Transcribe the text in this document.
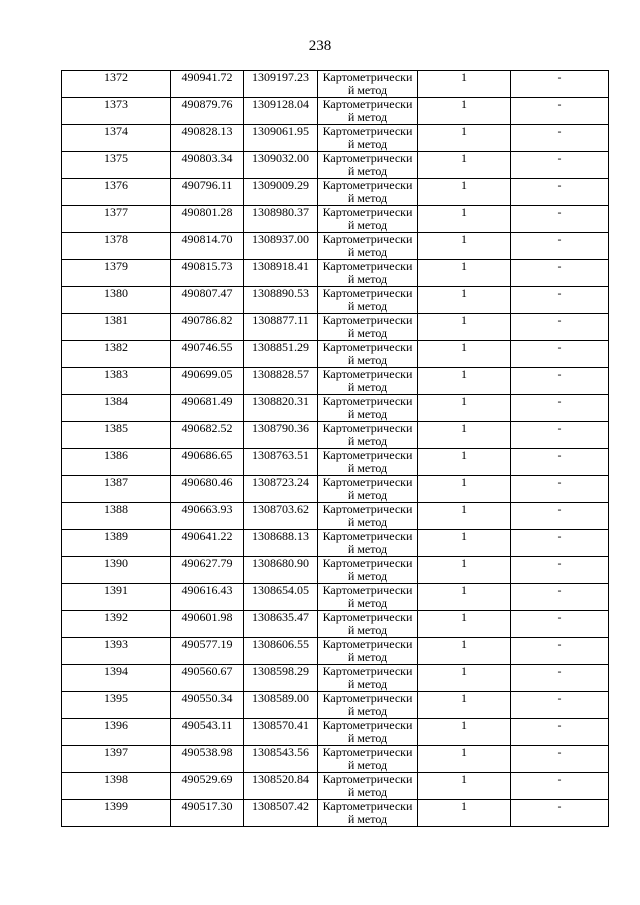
238
1372	490941.72	1309197.23	Картометрически
й метод	1	-
1373	490879.76	1309128.04	Картометрически
й метод	1	-
1374	490828.13	1309061.95	Картометрически
й метод	1	-
1375	490803.34	1309032.00	Картометрически
й метод	1	-
1376	490796.11	1309009.29	Картометрически
й метод	1	-
1377	490801.28	1308980.37	Картометрически
й метод	1	-
1378	490814.70	1308937.00	Картометрически
й метод	1	-
1379	490815.73	1308918.41	Картометрически
й метод	1	-
1380	490807.47	1308890.53	Картометрически
й метод	1	-
1381	490786.82	1308877.11	Картометрически
й метод	1	-
1382	490746.55	1308851.29	Картометрически
й метод	1	-
1383	490699.05	1308828.57	Картометрически
й метод	1	-
1384	490681.49	1308820.31	Картометрически
й метод	1	-
1385	490682.52	1308790.36	Картометрически
й метод	1	-
1386	490686.65	1308763.51	Картометрически
й метод	1	-
1387	490680.46	1308723.24	Картометрически
й метод	1	-
1388	490663.93	1308703.62	Картометрически
й метод	1	-
1389	490641.22	1308688.13	Картометрически
й метод	1	-
1390	490627.79	1308680.90	Картометрически
й метод	1	-
1391	490616.43	1308654.05	Картометрически
й метод	1	-
1392	490601.98	1308635.47	Картометрически
й метод	1	-
1393	490577.19	1308606.55	Картометрически
й метод	1	-
1394	490560.67	1308598.29	Картометрически
й метод	1	-
1395	490550.34	1308589.00	Картометрически
й метод	1	-
1396	490543.11	1308570.41	Картометрически
й метод	1	-
1397	490538.98	1308543.56	Картометрически
й метод	1	-
1398	490529.69	1308520.84	Картометрически
й метод	1	-
1399	490517.30	1308507.42	Картометрически
й метод	1	-
